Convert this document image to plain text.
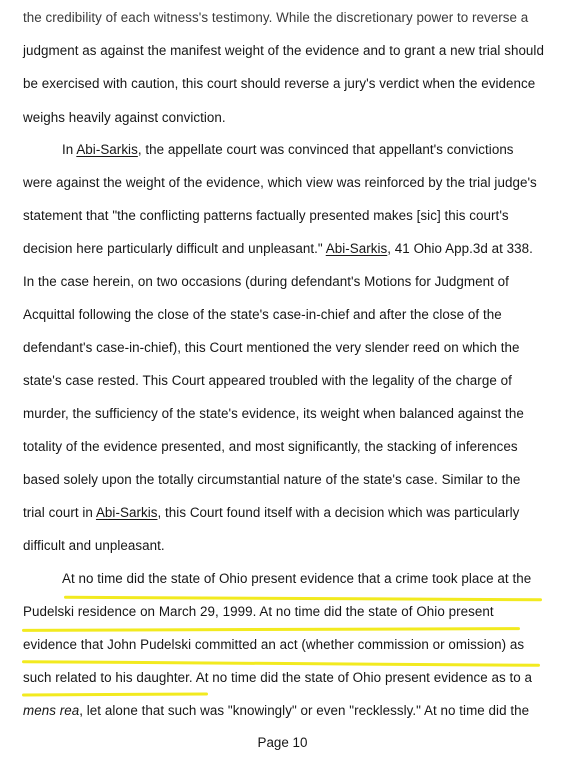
the credibility of each witness's testimony. While the discretionary power to reverse a
judgment as against the manifest weight of the evidence and to grant a new trial should
be exercised with caution, this court should reverse a jury's verdict when the evidence
weighs heavily against conviction.
In Abi-Sarkis, the appellate court was convinced that appellant's convictions
were against the weight of the evidence, which view was reinforced by the trial judge's
statement that "the conflicting patterns factually presented makes [sic] this court's
decision here particularly difficult and unpleasant." Abi-Sarkis, 41 Ohio App.3d at 338.
In the case herein, on two occasions (during defendant's Motions for Judgment of
Acquittal following the close of the state's case-in-chief and after the close of the
defendant's case-in-chief), this Court mentioned the very slender reed on which the
state's case rested. This Court appeared troubled with the legality of the charge of
murder, the sufficiency of the state's evidence, its weight when balanced against the
totality of the evidence presented, and most significantly, the stacking of inferences
based solely upon the totally circumstantial nature of the state's case. Similar to the
trial court in Abi-Sarkis, this Court found itself with a decision which was particularly
difficult and unpleasant.
At no time did the state of Ohio present evidence that a crime took place at the
Pudelski residence on March 29, 1999. At no time did the state of Ohio present
evidence that John Pudelski committed an act (whether commission or omission) as
such related to his daughter. At no time did the state of Ohio present evidence as to a
mens rea, let alone that such was "knowingly" or even "recklessly." At no time did the
Page 10
